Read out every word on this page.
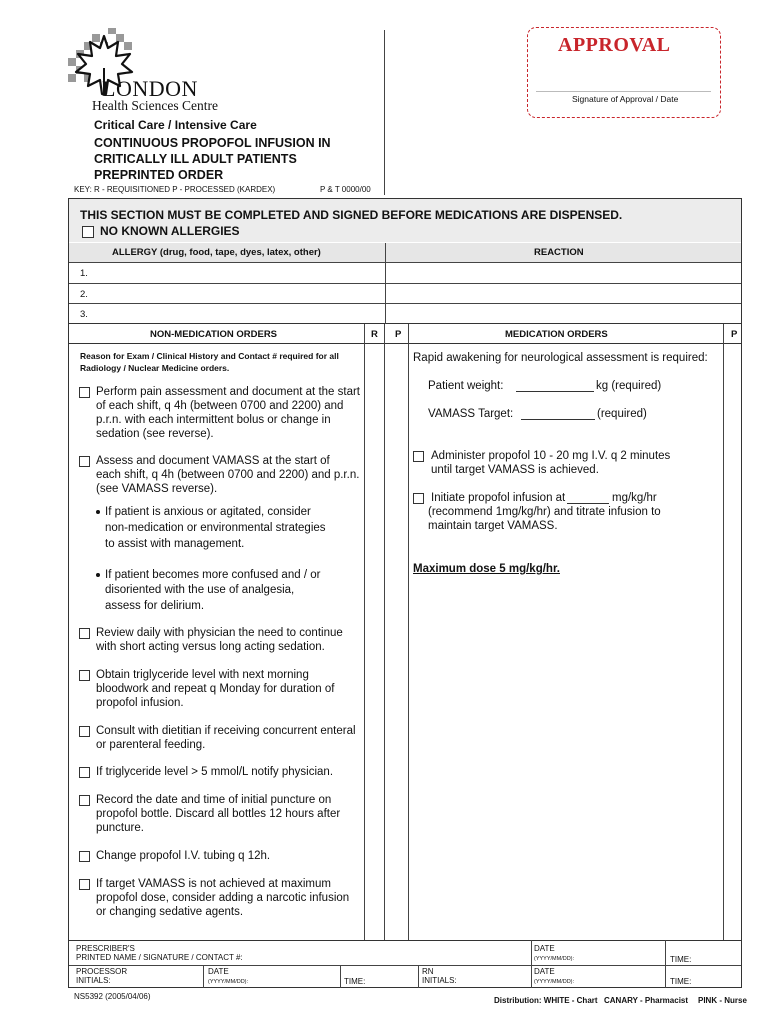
LONDON
Health Sciences Centre
Critical Care / Intensive Care
CONTINUOUS PROPOFOL INFUSION IN
CRITICALLY ILL ADULT PATIENTS
PREPRINTED ORDER
KEY: R - REQUISITIONED P - PROCESSED (KARDEX)	P & T 0000/00
APPROVAL
Signature of Approval / Date
THIS SECTION MUST BE COMPLETED AND SIGNED BEFORE MEDICATIONS ARE DISPENSED.
NO KNOWN ALLERGIES
ALLERGY (drug, food, tape, dyes, latex, other)	REACTION
1.
2.
3.
NON-MEDICATION ORDERS	R P	MEDICATION ORDERS	P
Reason for Exam / Clinical History and Contact # required for all
Radiology / Nuclear Medicine orders.
Perform pain assessment and document at the start
of each shift, q 4h (between 0700 and 2200) and
p.r.n. with each intermittent bolus or change in
sedation (see reverse).
Assess and document VAMASS at the start of
each shift, q 4h (between 0700 and 2200) and p.r.n.
(see VAMASS reverse).
If patient is anxious or agitated, consider
non-medication or environmental strategies
to assist with management.
If patient becomes more confused and / or
disoriented with the use of analgesia,
assess for delirium.
Review daily with physician the need to continue
with short acting versus long acting sedation.
Obtain triglyceride level with next morning
bloodwork and repeat q Monday for duration of
propofol infusion.
Consult with dietitian if receiving concurrent enteral
or parenteral feeding.
If triglyceride level > 5 mmol/L notify physician.
Record the date and time of initial puncture on
propofol bottle. Discard all bottles 12 hours after
puncture.
Change propofol I.V. tubing q 12h.
If target VAMASS is not achieved at maximum
propofol dose, consider adding a narcotic infusion
or changing sedative agents.
Rapid awakening for neurological assessment is required:
Patient weight:	kg (required)
VAMASS Target:	(required)
Administer propofol 10 - 20 mg I.V. q 2 minutes
until target VAMASS is achieved.
Initiate propofol infusion at	mg/kg/hr
(recommend 1mg/kg/hr) and titrate infusion to
maintain target VAMASS.
Maximum dose 5 mg/kg/hr.
PRESCRIBER'S
PRINTED NAME / SIGNATURE / CONTACT #:
DATE
(YYYY/MM/DD):	TIME:
PROCESSOR
INITIALS:
DATE
(YYYY/MM/DD):	TIME:
RN
INITIALS:
DATE
(YYYY/MM/DD):	TIME:
NS5392 (2005/04/06)	Distribution: WHITE - Chart CANARY - Pharmacist PINK - Nurse
